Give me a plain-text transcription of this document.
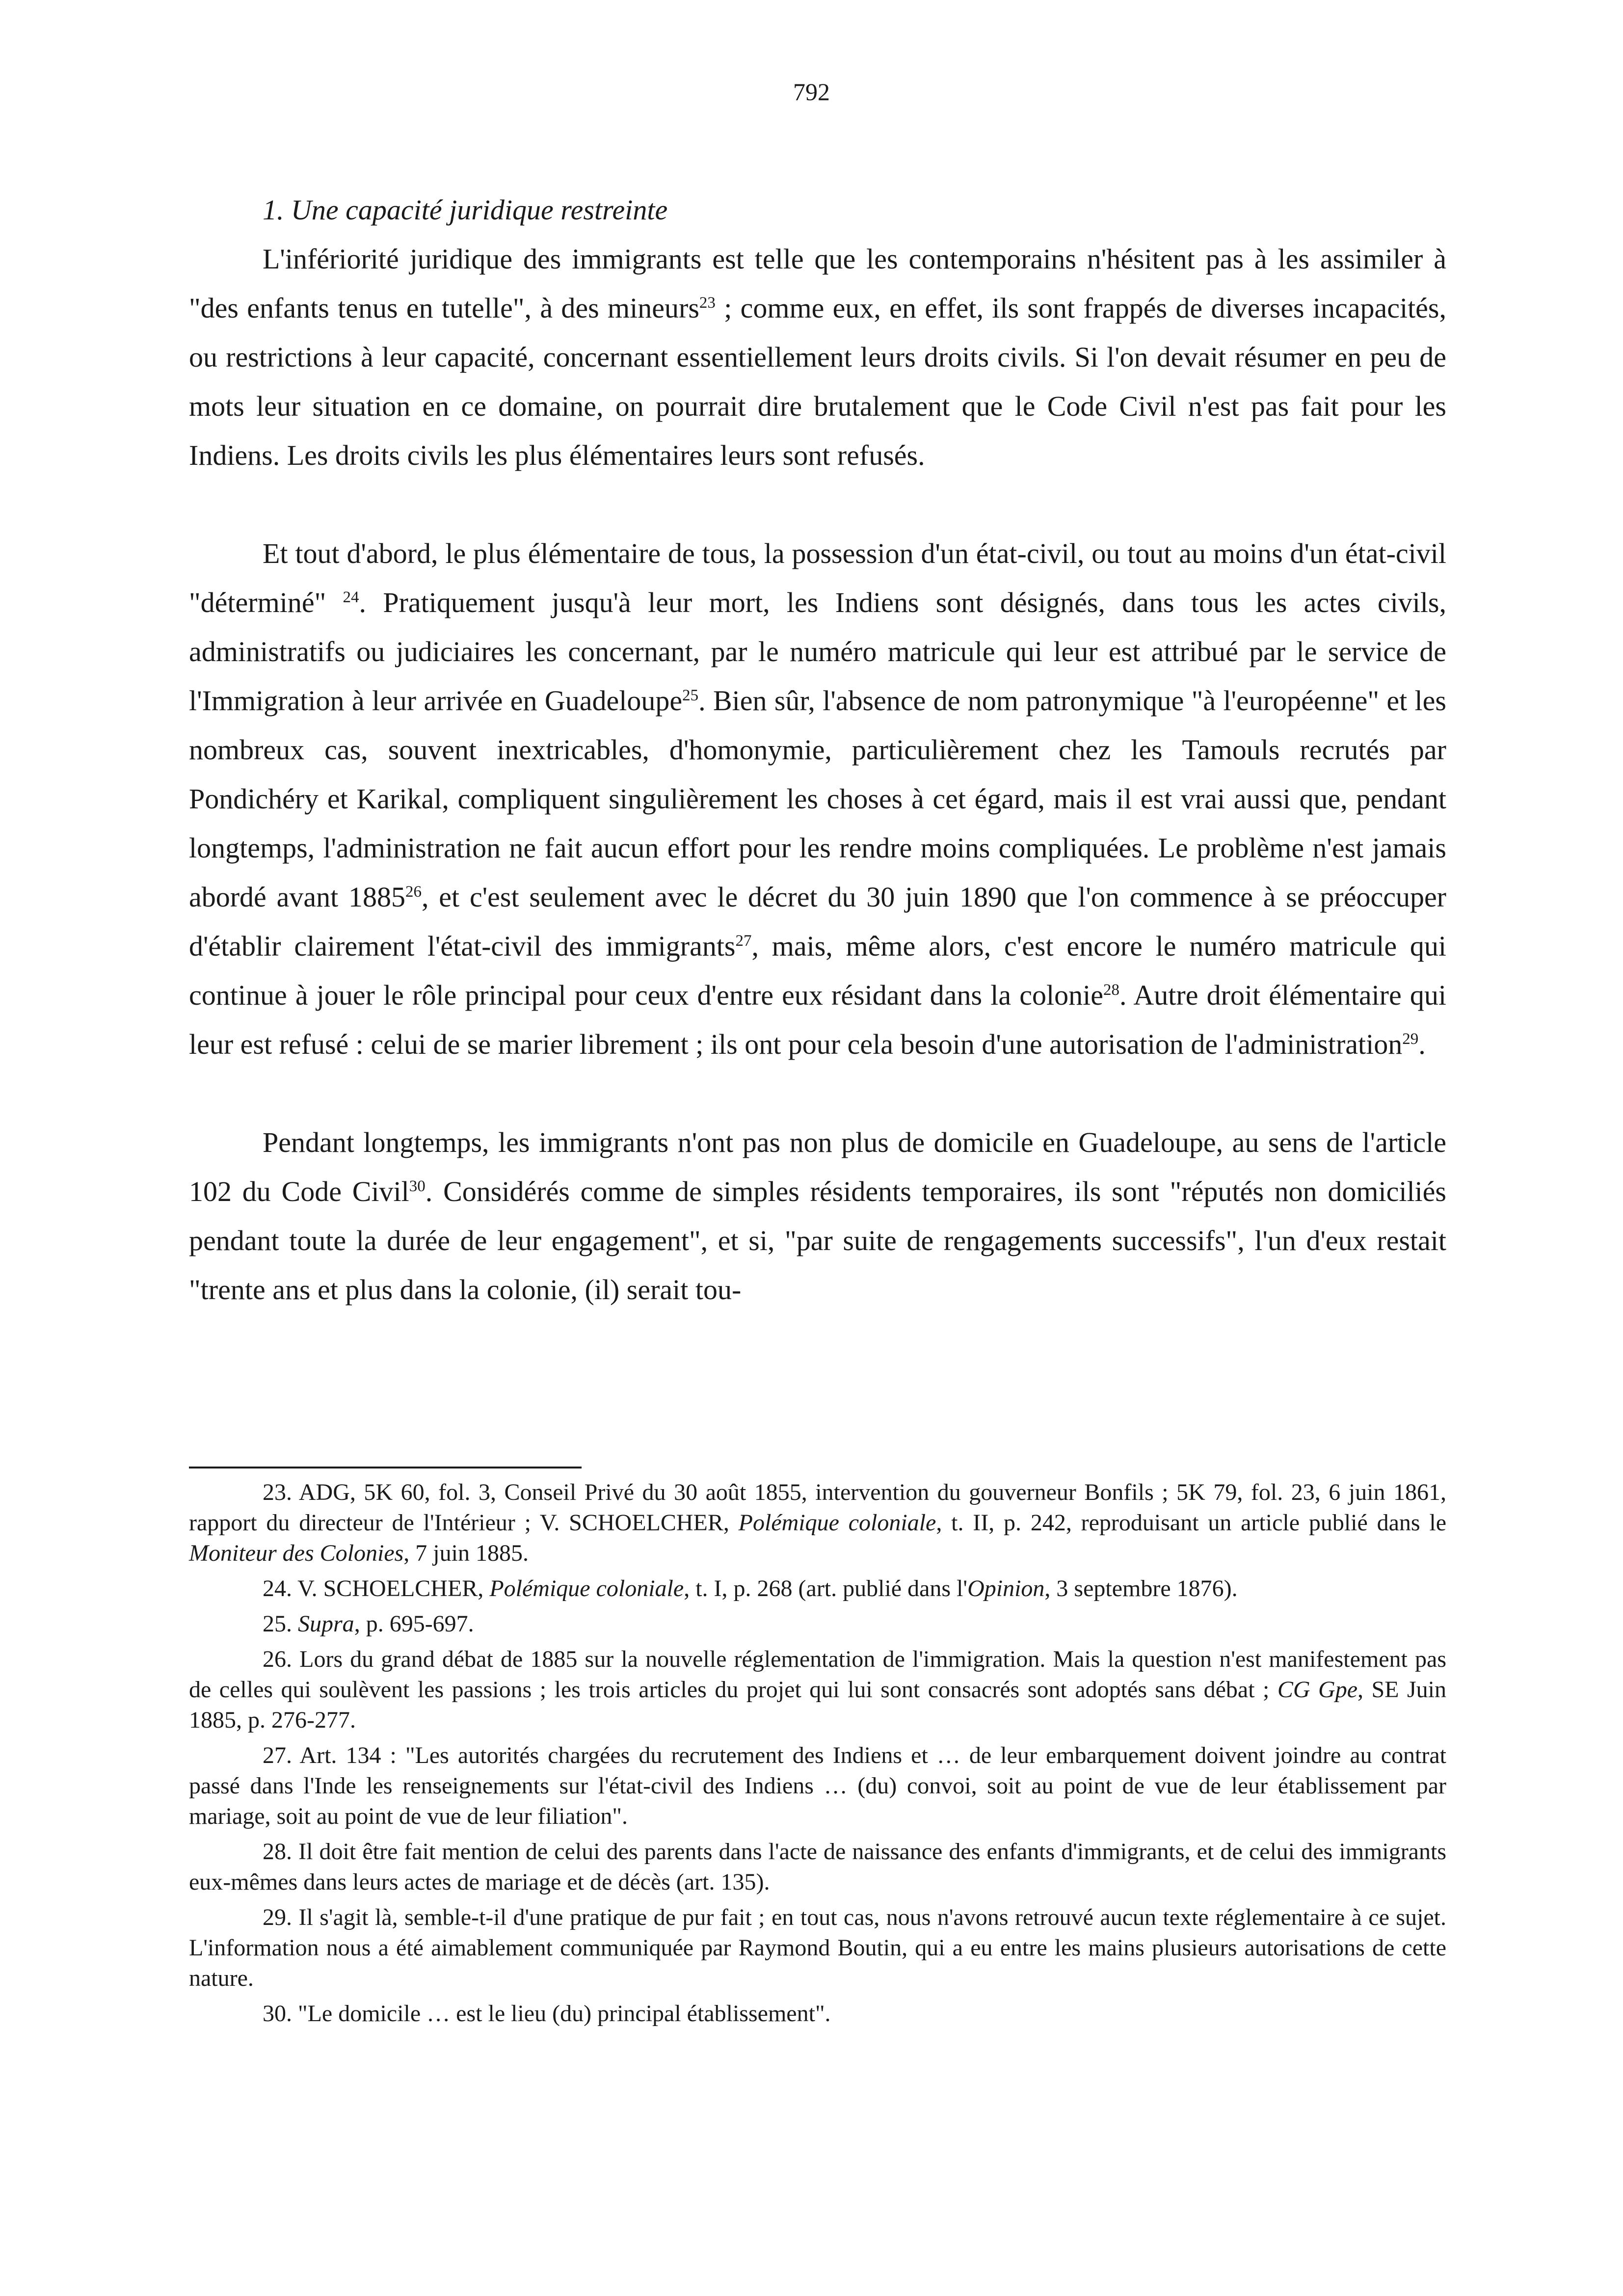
792

1. Une capacité juridique restreinte

L'infériorité juridique des immigrants est telle que les contemporains n'hésitent pas à les assimiler à "des enfants tenus en tutelle", à des mineurs$^{23}$ ; comme eux, en effet, ils sont frappés de diverses incapacités, ou restrictions à leur capacité, concernant essentiellement leurs droits civils. Si l'on devait résumer en peu de mots leur situation en ce domaine, on pourrait dire brutalement que le Code Civil n'est pas fait pour les Indiens. Les droits civils les plus élémentaires leurs sont refusés.

Et tout d'abord, le plus élémentaire de tous, la possession d'un état-civil, ou tout au moins d'un état-civil "déterminé" $^{24}$. Pratiquement jusqu'à leur mort, les Indiens sont désignés, dans tous les actes civils, administratifs ou judiciaires les concernant, par le numéro matricule qui leur est attribué par le service de l'Immigration à leur arrivée en Guadeloupe$^{25}$. Bien sûr, l'absence de nom patronymique "à l'européenne" et les nombreux cas, souvent inextricables, d'homonymie, particulièrement chez les Tamouls recrutés par Pondichéry et Karikal, compliquent singulièrement les choses à cet égard, mais il est vrai aussi que, pendant longtemps, l'administration ne fait aucun effort pour les rendre moins compliquées. Le problème n'est jamais abordé avant 1885$^{26}$, et c'est seulement avec le décret du 30 juin 1890 que l'on commence à se préoccuper d'établir clairement l'état-civil des immigrants$^{27}$, mais, même alors, c'est encore le numéro matricule qui continue à jouer le rôle principal pour ceux d'entre eux résidant dans la colonie$^{28}$. Autre droit élémentaire qui leur est refusé : celui de se marier librement ; ils ont pour cela besoin d'une autorisation de l'administration$^{29}$.

Pendant longtemps, les immigrants n'ont pas non plus de domicile en Guadeloupe, au sens de l'article 102 du Code Civil$^{30}$. Considérés comme de simples résidents temporaires, ils sont "réputés non domiciliés pendant toute la durée de leur engagement", et si, "par suite de rengagements successifs", l'un d'eux restait "trente ans et plus dans la colonie, (il) serait tou-

23. ADG, 5K 60, fol. 3, Conseil Privé du 30 août 1855, intervention du gouverneur Bonfils ; 5K 79, fol. 23, 6 juin 1861, rapport du directeur de l'Intérieur ; V. SCHOELCHER, Polémique coloniale, t. II, p. 242, reproduisant un article publié dans le Moniteur des Colonies, 7 juin 1885.

24. V. SCHOELCHER, Polémique coloniale, t. I, p. 268 (art. publié dans l'Opinion, 3 septembre 1876).

25. Supra, p. 695-697.

26. Lors du grand débat de 1885 sur la nouvelle réglementation de l'immigration. Mais la question n'est manifestement pas de celles qui soulèvent les passions ; les trois articles du projet qui lui sont consacrés sont adoptés sans débat ; CG Gpe, SE Juin 1885, p. 276-277.

27. Art. 134 : "Les autorités chargées du recrutement des Indiens et … de leur embarquement doivent joindre au contrat passé dans l'Inde les renseignements sur l'état-civil des Indiens … (du) convoi, soit au point de vue de leur établissement par mariage, soit au point de vue de leur filiation".

28. Il doit être fait mention de celui des parents dans l'acte de naissance des enfants d'immigrants, et de celui des immigrants eux-mêmes dans leurs actes de mariage et de décès (art. 135).

29. Il s'agit là, semble-t-il d'une pratique de pur fait ; en tout cas, nous n'avons retrouvé aucun texte réglementaire à ce sujet. L'information nous a été aimablement communiquée par Raymond Boutin, qui a eu entre les mains plusieurs autorisations de cette nature.

30. "Le domicile … est le lieu (du) principal établissement".
